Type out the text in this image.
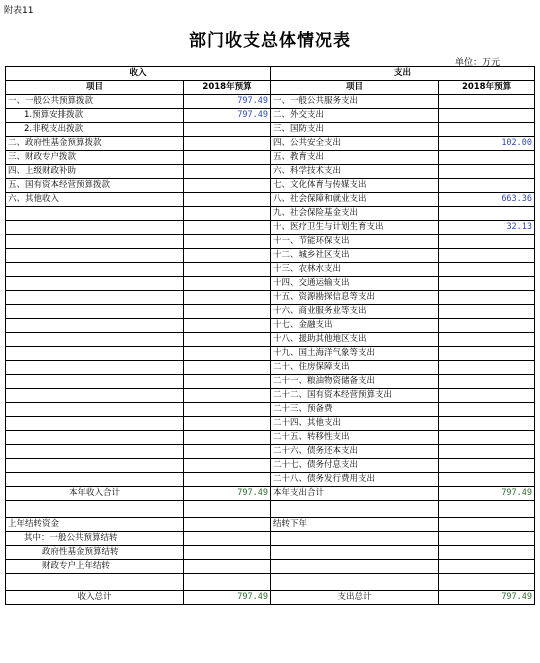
附表11
部门收支总体情况表
单位：万元
收入		支出	
项目	2018年预算	项目	2018年预算
一、一般公共预算拨款	797.49	一、一般公共服务支出	
1.预算安排拨款	797.49	二、外交支出	
2.非税支出拨款		三、国防支出	
二、政府性基金预算拨款		四、公共安全支出	102.00
三、财政专户拨款		五、教育支出	
四、上级财政补助		六、科学技术支出	
五、国有资本经营预算拨款		七、文化体育与传媒支出	
六、其他收入		八、社会保障和就业支出	663.36
		九、社会保险基金支出	
		十、医疗卫生与计划生育支出	32.13
		十一、节能环保支出	
		十二、城乡社区支出	
		十三、农林水支出	
		十四、交通运输支出	
		十五、资源勘探信息等支出	
		十六、商业服务业等支出	
		十七、金融支出	
		十八、援助其他地区支出	
		十九、国土海洋气象等支出	
		二十、住房保障支出	
		二十一、粮油物资储备支出	
		二十二、国有资本经营预算支出	
		二十三、预备费	
		二十四、其他支出	
		二十五、转移性支出	
		二十六、债务还本支出	
		二十七、债务付息支出	
		二十八、债务发行费用支出	
本年收入合计	797.49	本年支出合计	797.49

上年结转资金		结转下年	
其中：一般公共预算结转			
政府性基金预算结转			
财政专户上年结转			

收入总计	797.49	支出总计	797.49
